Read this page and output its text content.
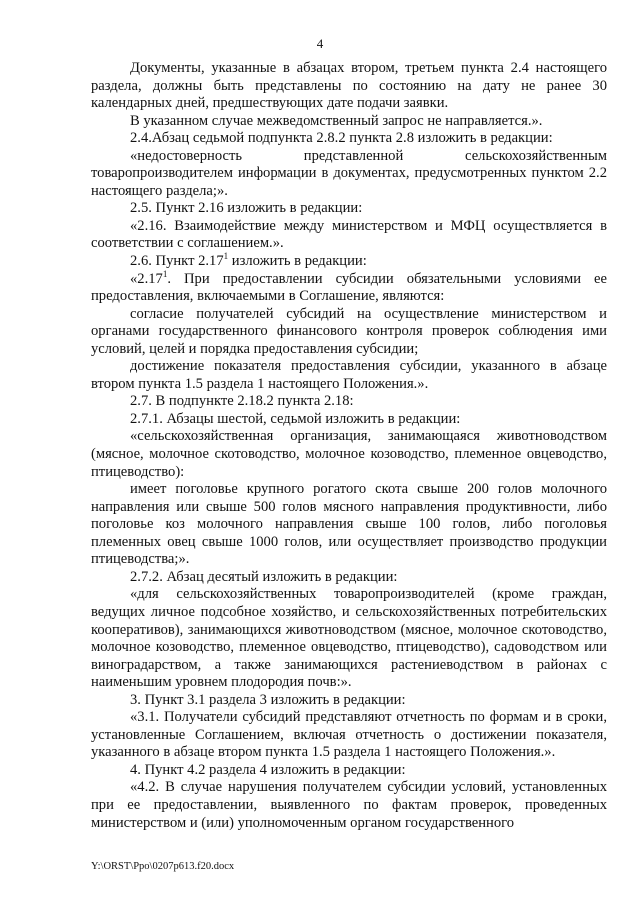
4

Документы, указанные в абзацах втором, третьем пункта 2.4 настоящего раздела, должны быть представлены по состоянию на дату не ранее 30 календарных дней, предшествующих дате подачи заявки.

В указанном случае межведомственный запрос не направляется.».

2.4.Абзац седьмой подпункта 2.8.2 пункта 2.8 изложить в редакции:

«недостоверность представленной сельскохозяйственным товаропроизводителем информации в документах, предусмотренных пунктом 2.2 настоящего раздела;».

2.5. Пункт 2.16 изложить в редакции:

«2.16. Взаимодействие между министерством и МФЦ осуществляется в соответствии с соглашением.».

2.6. Пункт 2.17$^1$ изложить в редакции:

«2.17$^1$. При предоставлении субсидии обязательными условиями ее предоставления, включаемыми в Соглашение, являются:

согласие получателей субсидий на осуществление министерством и органами государственного финансового контроля проверок соблюдения ими условий, целей и порядка предоставления субсидии;

достижение показателя предоставления субсидии, указанного в абзаце втором пункта 1.5 раздела 1 настоящего Положения.».

2.7. В подпункте 2.18.2 пункта 2.18:

2.7.1. Абзацы шестой, седьмой изложить в редакции:

«сельскохозяйственная организация, занимающаяся животноводством (мясное, молочное скотоводство, молочное козоводство, племенное овцеводство, птицеводство):

имеет поголовье крупного рогатого скота свыше 200 голов молочного направления или свыше 500 голов мясного направления продуктивности, либо поголовье коз молочного направления свыше 100 голов, либо поголовья племенных овец свыше 1000 голов, или осуществляет производство продукции птицеводства;».

2.7.2. Абзац десятый изложить в редакции:

«для сельскохозяйственных товаропроизводителей (кроме граждан, ведущих личное подсобное хозяйство, и сельскохозяйственных потребительских кооперативов), занимающихся животноводством (мясное, молочное скотоводство, молочное козоводство, племенное овцеводство, птицеводство), садоводством или виноградарством, а также занимающихся растениеводством в районах с наименьшим уровнем плодородия почв:».

3. Пункт 3.1 раздела 3 изложить в редакции:

«3.1. Получатели субсидий представляют отчетность по формам и в сроки, установленные Соглашением, включая отчетность о достижении показателя, указанного в абзаце втором пункта 1.5 раздела 1 настоящего Положения.».

4. Пункт 4.2 раздела 4 изложить в редакции:

«4.2. В случае нарушения получателем субсидии условий, установленных при ее предоставлении, выявленного по фактам проверок, проведенных министерством и (или) уполномоченным органом государственного

Y:\ORST\Ppo\0207p613.f20.docx
